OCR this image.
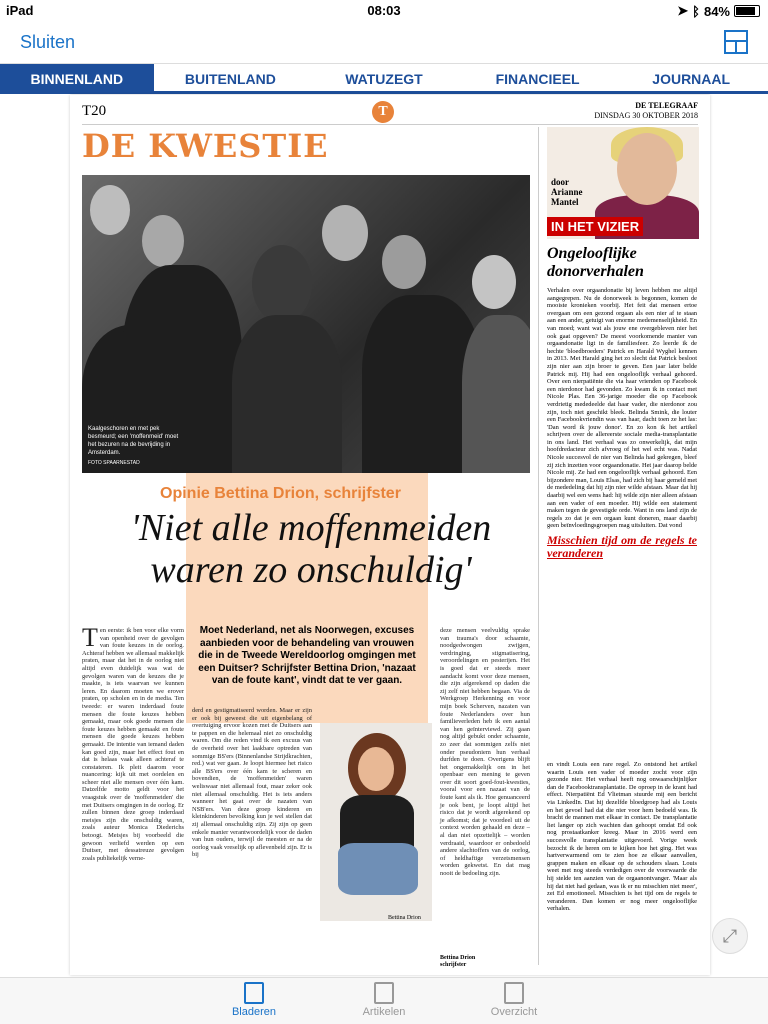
iPad	08:03	➤ ᛒ 84%
Sluiten
BINNENLAND	BUITENLAND	WATUZEGT	FINANCIEEL	JOURNAAL
T20	T	DE TELEGRAAF
DINSDAG 30 OKTOBER 2018
DE KWESTIE
Kaalgeschoren en met pek besmeurd; een 'moffenmeid' moet het bezuren na de bevrijding in Amsterdam.
FOTO SPAARNESTAD
Opinie Bettina Drion, schrijfster
'Niet alle moffenmeiden waren zo onschuldig'
Moet Nederland, net als Noorwegen, excuses aanbieden voor de behandeling van vrouwen die in de Tweede Wereldoorlog omgingen met een Duitser? Schrijfster Bettina Drion, 'nazaat van de foute kant', vindt dat te ver gaan.
T en eerste: ik ben voor elke vorm van openheid over de gevolgen van foute keuzes in de oorlog. Achteraf hebben we allemaal makkelijk praten, maar dat het in de oorlog niet altijd even duidelijk was wat de gevolgen waren van de keuzes die je maakte, is iets waarvan we kunnen leren. En daarom moeten we erover praten, op scholen en in de media. Ten tweede: er waren inderdaad foute mensen die foute keuzes hebben gemaakt, maar ook goede mensen die foute keuzes hebben gemaakt en foute mensen die goede keuzes hebben gemaakt. De intentie van iemand daden kan goed zijn, maar het effect fout en dat is helaas vaak alleen achteraf te constateren. Ik pleit daarom voor nuancering: kijk uit met oordelen en scheer niet alle mensen over één kam. Datzelfde motto geldt voor het vraagstuk over de 'moffenmeiden' die met Duitsers omgingen in de oorlog. Er zullen binnen deze groep inderdaad meisjes zijn die onschuldig waren, zoals auteur Monica Diederichs betoogt. Meisjes bij voorbeeld die gewoon verliefd werden op een Duitser, met dessatreuze gevolgen zoals publiekelijk verne-
derd en gestigmatiseerd worden. Maar er zijn er ook bij geweest die uit eigenbelang of overtuiging ervoor kozen met de Duitsers aan te pappen en die helemaal niet zo onschuldig waren. Om die reden vind ik een excuus van de overheid over het laakbare optreden van sommige BS'ers (Binnenlandse Strijdkrachten, red.) wat ver gaan. Je loopt hiermee het risico alle BS'ers over één kam te scheren en bovendien, de 'moffenmeiden' waren weliswaar niet allemaal fout, maar zeker ook niet allemaal onschuldig. Het is iets anders wanneer het gaat over de nazaten van NSB'ers. Van deze groep kinderen en kleinkinderen bevolking kun je wel stellen dat zij allemaal onschuldig zijn. Zij zijn op geen enkele manier verantwoordelijk voor de daden van hun ouders, terwijl de meesten er na de oorlog vaak vreselijk op aflevenbeld zijn. Er is bij
Bettina Drion
deze mensen veelvuldig sprake van trauma's door schaamte, noodgedwongen zwijgen, verdringing, stigmatisering, veroordelingen en pesterijen. Het is goed dat er steeds meer aandacht komt voor deze mensen, die zijn afgerekend op daden die zij zelf niet hebben begaan. Via de Werkgroep Herkenning en voor mijn boek Scherven, nazaten van foute Nederlanders over hun familieverleden heb ik een aantal van hen geïnterviewd. Zij gaan nog altijd gebukt onder schaamte, zo zeer dat sommigen zelfs niet onder pseudoniem hun verhaal durfden te doen. Overigens blijft het ongemakkelijk om in het openbaar een mening te geven over dit soort goed-fout-kwesties, vooral voor een nazaat van de foute kant als ik. Hoe genuanceerd je ook bent, je loopt altijd het risico dat je wordt afgerekend op je afkomst; dat je voordeel uit de context worden gehaald en deze – al dan niet opzettelijk – worden verdraaid, waardoor er onbedoeld andere slachtoffers van de oorlog, of heldhaftige verzetsmensen worden gekwetst. En dat mag nooit de bedoeling zijn.
Bettina Drion
schrijfster
door
Arianne
Mantel
IN HET VIZIER
Ongelooflijke donorverhalen
Verhalen over orgaandonatie bij leven hebben me altijd aangegrepen. Nu de donorweek is begonnen, komen de mooiste kronieken voorbij. Het feit dat mensen ertoe overgaan om een gezond orgaan als een nier af te staan aan een ander, getuigt van enorme medemenselijkheid. En van moed; want wat als jouw ene overgebleven nier het ook gaat opgeven? De meest voorkomende manier van orgaandonatie ligt in de familiesfeer. Zo leerde ik de hechte 'bloedbroeders' Patrick en Harald Wyghel kennen in 2013. Met Harald ging het zo slecht dat Patrick besloot zijn nier aan zijn broer te geven. Een jaar later belde Patrick mij. Hij had een ongelooflijk verhaal gehoord. Over een nierpatiënte die via haar vrienden op Facebook een nierdonor had gevonden. Zo kwam ik in contact met Nicole Plas. Een 36-jarige moeder die op Facebook verdrietig mededeelde dat haar vader, die nierdonor zou zijn, toch niet geschikt bleek. Belinda Smink, die louter een Facebookvriendin was van haar, dacht toen ze het las: 'Dan word ik jouw donor'. En zo kon ik het artikel schrijven over de allereerste sociale media-transplantatie in ons land. Het verhaal was zo onwerkelijk, dat mijn hoofdredacteur zich afvroeg of het wel echt was. Nadat Nicole succesvol de nier van Belinda had gekregen, bleef zij zich inzetten voor orgaandonatie. Het jaar daarop belde Nicole mij. Ze had een ongelooflijk verhaal gehoord. Een bijzondere man, Louis Elsas, had zich bij haar gemeld met de mededeling dat hij zijn nier wilde afstaan. Maar dat hij daarbij wel een wens had: hij wilde zijn nier alleen afstaan aan een vader of een moeder. Hij wilde een statement maken tegen de gevestigde orde. Want in ons land zijn de regels zo dat je een orgaan kunt doneren, maar daarbij geen beïnvloedingsgroepen mag uitsluiten. Dat vond
Misschien tijd om de regels te veranderen
en vindt Louis een rare regel. Zo ontstond het artikel waarin Louis een vader of moeder zocht voor zijn gezonde nier. Het verhaal heeft nog onwaarschijnlijker dan de Facebooktransplantatie. De oproep in de krant had effect. Nierpatiënt Ed Vlietman stuurde mij een bericht via LinkedIn. Dat hij dezelfde bloedgroep had als Louis en het gevoel had dat die nier voor hem bedoeld was. Ik bracht de mannen met elkaar in contact. De transplantatie liet langer op zich wachten dan gehoopt omdat Ed ook nog prostaatkanker kreeg. Maar in 2016 werd een succesvolle transplantatie uitgevoerd. Vorige week bezocht ik de heren om te kijken hoe het ging. Het was hartverwarmend om te zien hoe ze elkaar aanvallen, grappen maken en elkaar op de schouders slaan. Louis weet met nog steeds verdedigen over de voorwaarde die hij stelde ten aanzien van de orgaanontvanger. 'Maar als hij dat niet had gedaan, was ik er nu misschien niet meer', zei Ed emotioneel. Misschien is het tijd om de regels te veranderen. Dan komen er nog meer ongelooflijke verhalen.
⤢
Bladeren	Artikelen	Overzicht
